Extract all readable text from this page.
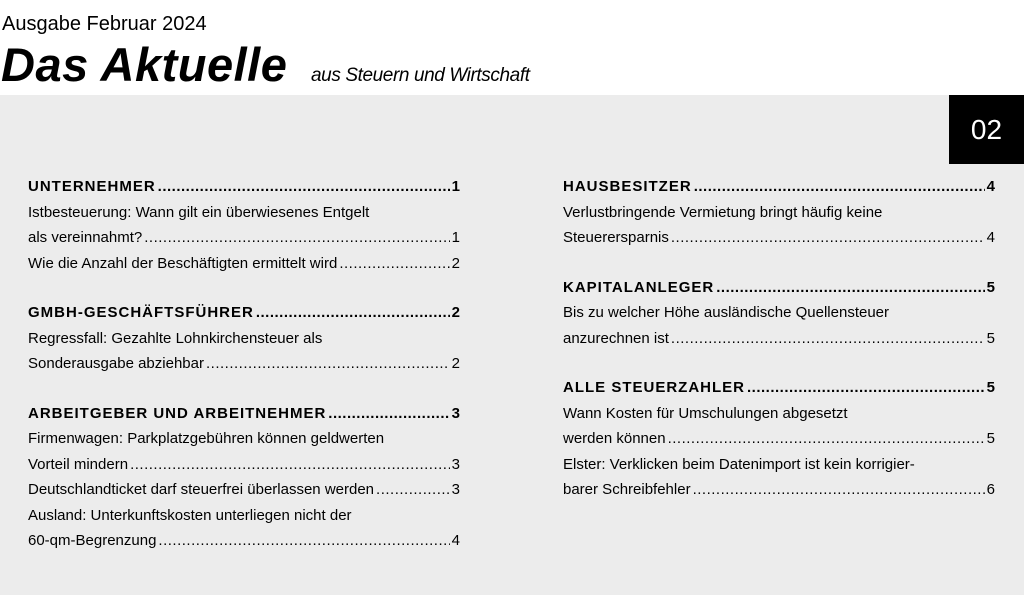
Ausgabe Februar 2024
Das Aktuelle aus Steuern und Wirtschaft
02
UNTERNEHMER .....	1
Istbesteuerung: Wann gilt ein überwiesenes Entgelt
als vereinnahmt? .....	1
Wie die Anzahl der Beschäftigten ermittelt wird .....	2
GMBH-GESCHÄFTSFÜHRER .....	2
Regressfall: Gezahlte Lohnkirchensteuer als
Sonderausgabe abziehbar .....	2
ARBEITGEBER UND ARBEITNEHMER .....	3
Firmenwagen: Parkplatzgebühren können geldwerten
Vorteil mindern .....	3
Deutschlandticket darf steuerfrei überlassen werden .....	3
Ausland: Unterkunftskosten unterliegen nicht der
60-qm-Begrenzung .....	4
HAUSBESITZER .....	4
Verlustbringende Vermietung bringt häufig keine
Steuerersparnis .....	4
KAPITALANLEGER .....	5
Bis zu welcher Höhe ausländische Quellensteuer
anzurechnen ist .....	5
ALLE STEUERZAHLER .....	5
Wann Kosten für Umschulungen abgesetzt
werden können .....	5
Elster: Verklicken beim Datenimport ist kein korrigier-
barer Schreibfehler .....	6
